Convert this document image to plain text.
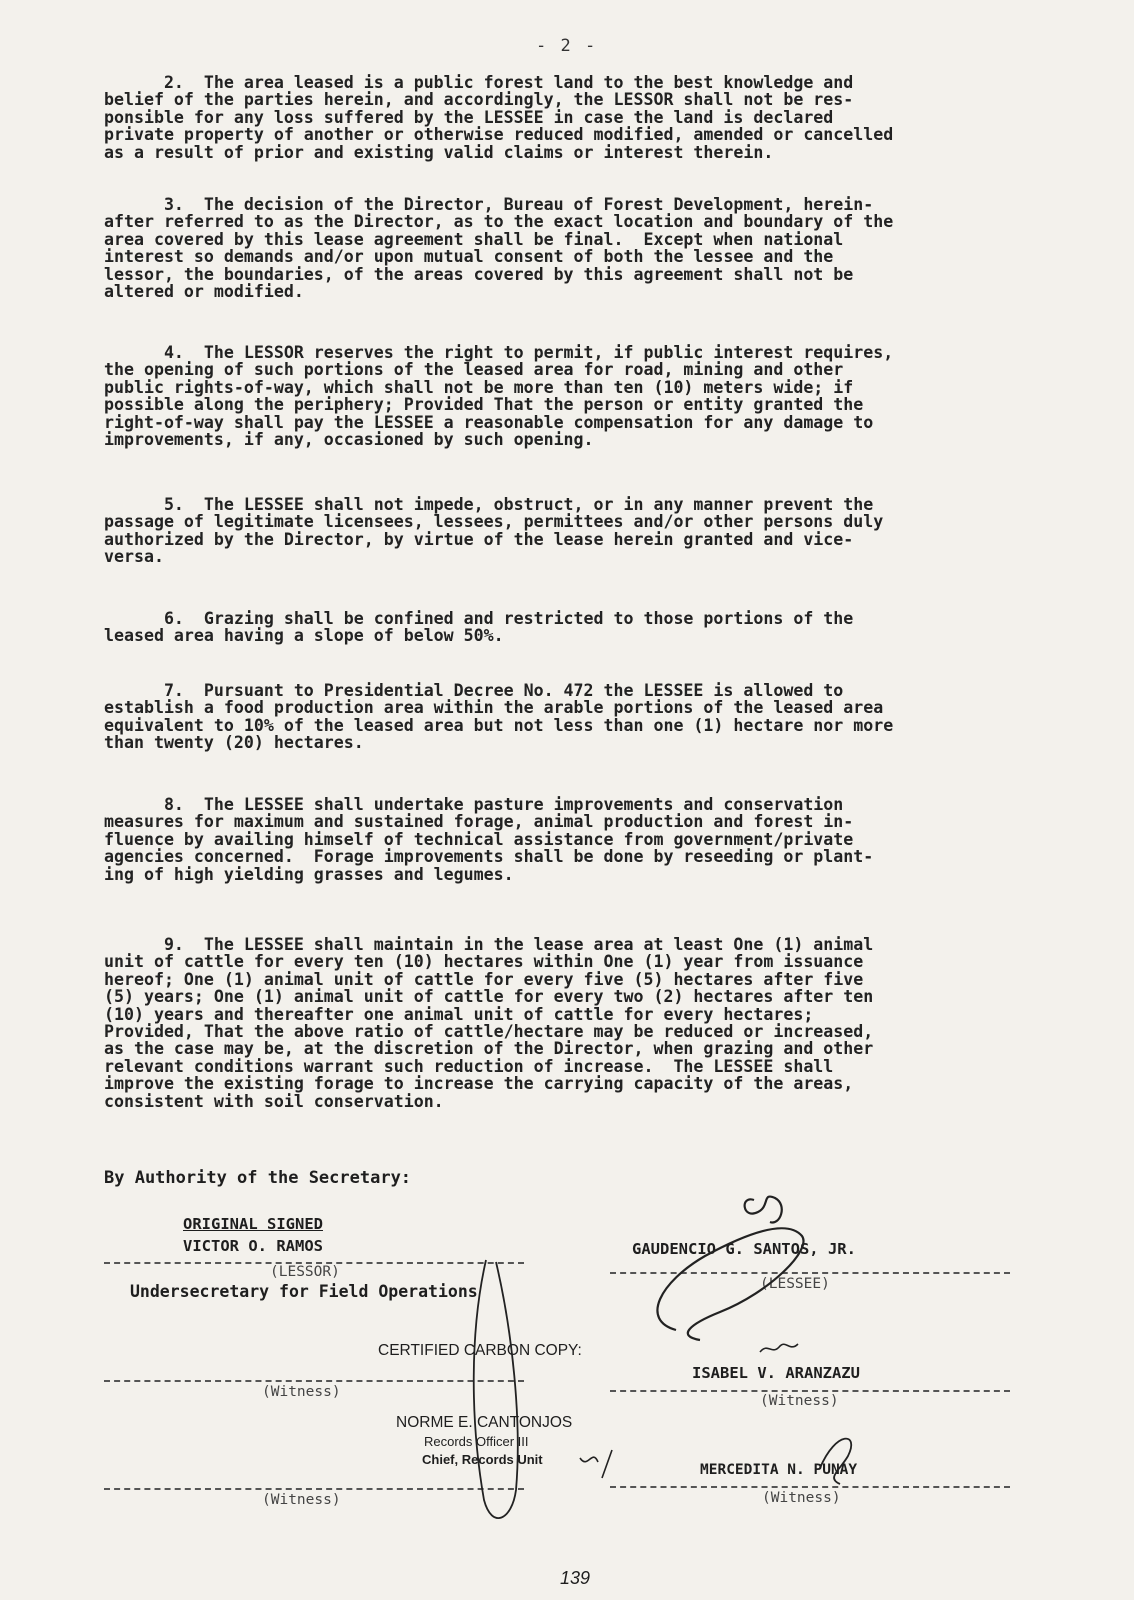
- 2 -
2.  The area leased is a public forest land to the best knowledge and
belief of the parties herein, and accordingly, the LESSOR shall not be res-
ponsible for any loss suffered by the LESSEE in case the land is declared
private property of another or otherwise reduced modified, amended or cancelled
as a result of prior and existing valid claims or interest therein.
3.  The decision of the Director, Bureau of Forest Development, herein-
after referred to as the Director, as to the exact location and boundary of the
area covered by this lease agreement shall be final.  Except when national
interest so demands and/or upon mutual consent of both the lessee and the
lessor, the boundaries, of the areas covered by this agreement shall not be
altered or modified.
4.  The LESSOR reserves the right to permit, if public interest requires,
the opening of such portions of the leased area for road, mining and other
public rights-of-way, which shall not be more than ten (10) meters wide; if
possible along the periphery; Provided That the person or entity granted the
right-of-way shall pay the LESSEE a reasonable compensation for any damage to
improvements, if any, occasioned by such opening.
5.  The LESSEE shall not impede, obstruct, or in any manner prevent the
passage of legitimate licensees, lessees, permittees and/or other persons duly
authorized by the Director, by virtue of the lease herein granted and vice-
versa.
6.  Grazing shall be confined and restricted to those portions of the
leased area having a slope of below 50%.
7.  Pursuant to Presidential Decree No. 472 the LESSEE is allowed to
establish a food production area within the arable portions of the leased area
equivalent to 10% of the leased area but not less than one (1) hectare nor more
than twenty (20) hectares.
8.  The LESSEE shall undertake pasture improvements and conservation
measures for maximum and sustained forage, animal production and forest in-
fluence by availing himself of technical assistance from government/private
agencies concerned.  Forage improvements shall be done by reseeding or plant-
ing of high yielding grasses and legumes.
9.  The LESSEE shall maintain in the lease area at least One (1) animal
unit of cattle for every ten (10) hectares within One (1) year from issuance
hereof; One (1) animal unit of cattle for every five (5) hectares after five
(5) years; One (1) animal unit of cattle for every two (2) hectares after ten
(10) years and thereafter one animal unit of cattle for every hectares;
Provided, That the above ratio of cattle/hectare may be reduced or increased,
as the case may be, at the discretion of the Director, when grazing and other
relevant conditions warrant such reduction of increase.  The LESSEE shall
improve the existing forage to increase the carrying capacity of the areas,
consistent with soil conservation.
By Authority of the Secretary:
ORIGINAL SIGNED
VICTOR O. RAMOS
(LESSOR)
Undersecretary for Field Operations
GAUDENCIO G. SANTOS, JR.
(LESSEE)
CERTIFIED CARBON COPY:
(Witness)
ISABEL V. ARANZAZU
(Witness)
NORME E. CANTONJOS
Records Officer III
Chief, Records Unit
(Witness)
MERCEDITA N. PUNAY
(Witness)
139
